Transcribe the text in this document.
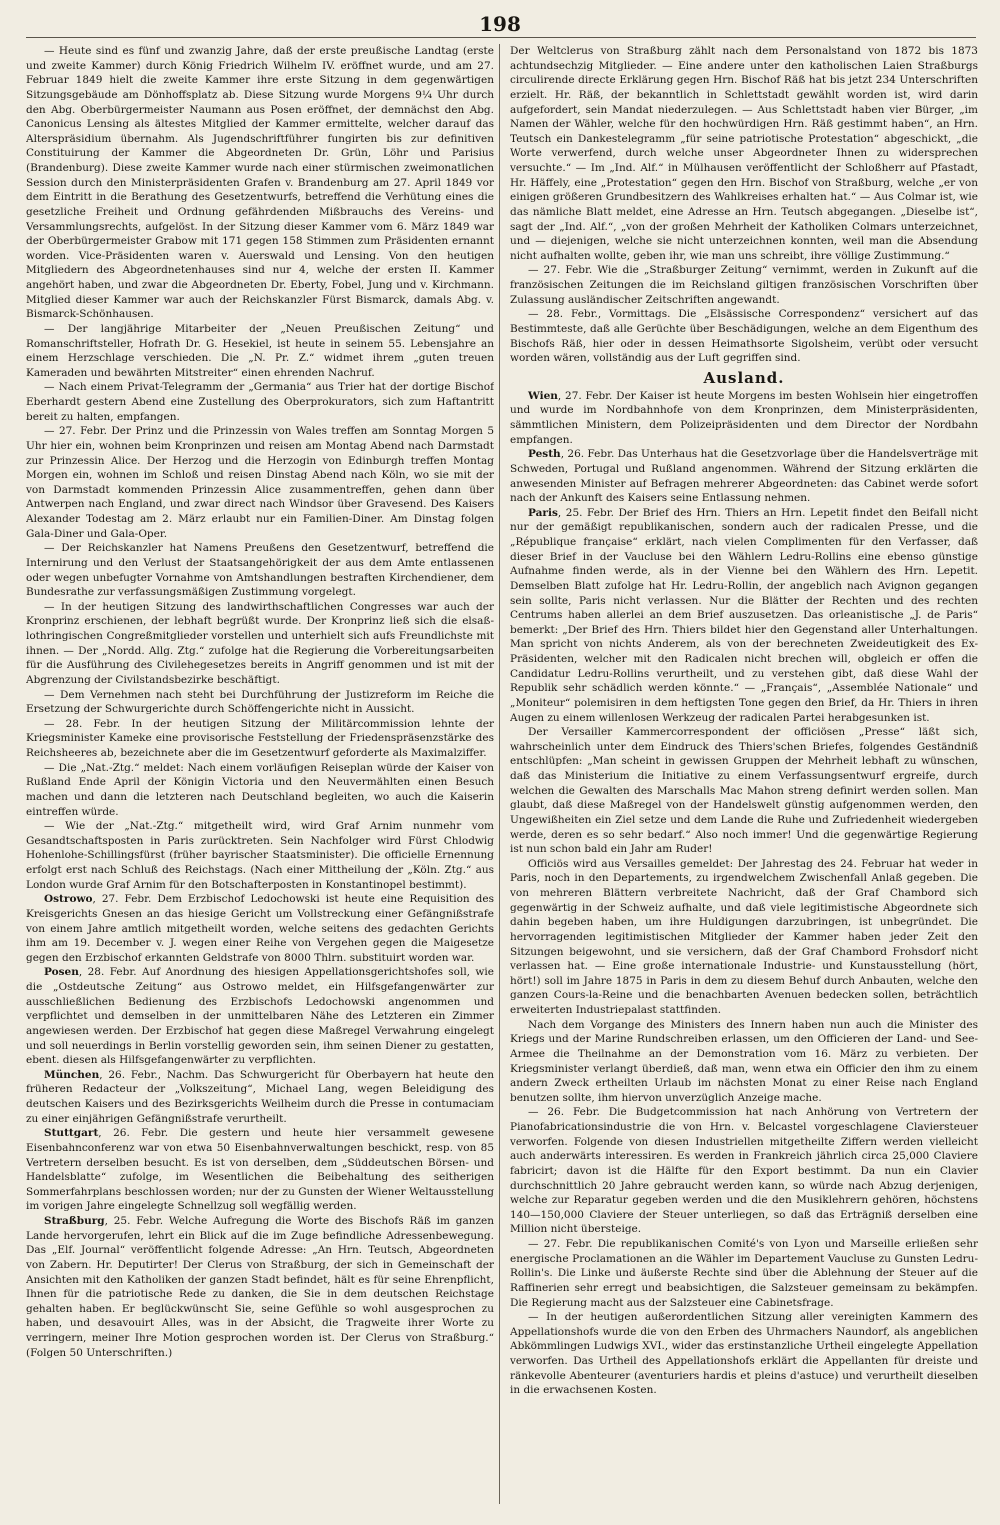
198

— Heute sind es fünf und zwanzig Jahre, daß der erste preußische Landtag (erste und zweite Kammer) durch König Friedrich Wilhelm IV. eröffnet wurde, und am 27. Februar 1849 hielt die zweite Kammer ihre erste Sitzung in dem gegenwärtigen Sitzungsgebäude am Dönhoffsplatz ab. Diese Sitzung wurde Morgens 9¼ Uhr durch den Abg. Oberbürgermeister Naumann aus Posen eröffnet, der demnächst den Abg. Canonicus Lensing als ältestes Mitglied der Kammer ermittelte, welcher darauf das Alterspräsidium übernahm. Als Jugendschriftführer fungirten bis zur definitiven Constituirung der Kammer die Abgeordneten Dr. Grün, Löhr und Parisius (Brandenburg). Diese zweite Kammer wurde nach einer stürmischen zweimonatlichen Session durch den Ministerpräsidenten Grafen v. Brandenburg am 27. April 1849 vor dem Eintritt in die Berathung des Gesetzentwurfs, betreffend die Verhütung eines die gesetzliche Freiheit und Ordnung gefährdenden Mißbrauchs des Vereins- und Versammlungsrechts, aufgelöst. In der Sitzung dieser Kammer vom 6. März 1849 war der Oberbürgermeister Grabow mit 171 gegen 158 Stimmen zum Präsidenten ernannt worden. Vice-Präsidenten waren v. Auerswald und Lensing. Von den heutigen Mitgliedern des Abgeordnetenhauses sind nur 4, welche der ersten II. Kammer angehört haben, und zwar die Abgeordneten Dr. Eberty, Fobel, Jung und v. Kirchmann. Mitglied dieser Kammer war auch der Reichskanzler Fürst Bismarck, damals Abg. v. Bismarck-Schönhausen.

— Der langjährige Mitarbeiter der „Neuen Preußischen Zeitung“ und Romanschriftsteller, Hofrath Dr. G. Hesekiel, ist heute in seinem 55. Lebensjahre an einem Herzschlage verschieden. Die „N. Pr. Z.“ widmet ihrem „guten treuen Kameraden und bewährten Mitstreiter“ einen ehrenden Nachruf.

— Nach einem Privat-Telegramm der „Germania“ aus Trier hat der dortige Bischof Eberhardt gestern Abend eine Zustellung des Oberprokurators, sich zum Haftantritt bereit zu halten, empfangen.

— 27. Febr. Der Prinz und die Prinzessin von Wales treffen am Sonntag Morgen 5 Uhr hier ein, wohnen beim Kronprinzen und reisen am Montag Abend nach Darmstadt zur Prinzessin Alice. Der Herzog und die Herzogin von Edinburgh treffen Montag Morgen ein, wohnen im Schloß und reisen Dinstag Abend nach Köln, wo sie mit der von Darmstadt kommenden Prinzessin Alice zusammentreffen, gehen dann über Antwerpen nach England, und zwar direct nach Windsor über Gravesend. Des Kaisers Alexander Todestag am 2. März erlaubt nur ein Familien-Diner. Am Dinstag folgen Gala-Diner und Gala-Oper.

— Der Reichskanzler hat Namens Preußens den Gesetzentwurf, betreffend die Internirung und den Verlust der Staatsangehörigkeit der aus dem Amte entlassenen oder wegen unbefugter Vornahme von Amtshandlungen bestraften Kirchendiener, dem Bundesrathe zur verfassungsmäßigen Zustimmung vorgelegt.

— In der heutigen Sitzung des landwirthschaftlichen Congresses war auch der Kronprinz erschienen, der lebhaft begrüßt wurde. Der Kronprinz ließ sich die elsaß-lothringischen Congreßmitglieder vorstellen und unterhielt sich aufs Freundlichste mit ihnen. — Der „Nordd. Allg. Ztg.“ zufolge hat die Regierung die Vorbereitungsarbeiten für die Ausführung des Civilehegesetzes bereits in Angriff genommen und ist mit der Abgrenzung der Civilstandsbezirke beschäftigt.

— Dem Vernehmen nach steht bei Durchführung der Justizreform im Reiche die Ersetzung der Schwurgerichte durch Schöffengerichte nicht in Aussicht.

— 28. Febr. In der heutigen Sitzung der Militärcommission lehnte der Kriegsminister Kameke eine provisorische Feststellung der Friedenspräsenzstärke des Reichsheeres ab, bezeichnete aber die im Gesetzentwurf geforderte als Maximalziffer.

— Die „Nat.-Ztg.“ meldet: Nach einem vorläufigen Reiseplan würde der Kaiser von Rußland Ende April der Königin Victoria und den Neuvermählten einen Besuch machen und dann die letzteren nach Deutschland begleiten, wo auch die Kaiserin eintreffen würde.

— Wie der „Nat.-Ztg.“ mitgetheilt wird, wird Graf Arnim nunmehr vom Gesandtschaftsposten in Paris zurücktreten. Sein Nachfolger wird Fürst Chlodwig Hohenlohe-Schillingsfürst (früher bayrischer Staatsminister). Die officielle Ernennung erfolgt erst nach Schluß des Reichstags. (Nach einer Mittheilung der „Köln. Ztg.“ aus London wurde Graf Arnim für den Botschafterposten in Konstantinopel bestimmt).

Ostrowo, 27. Febr. Dem Erzbischof Ledochowski ist heute eine Requisition des Kreisgerichts Gnesen an das hiesige Gericht um Vollstreckung einer Gefängnißstrafe von einem Jahre amtlich mitgetheilt worden, welche seitens des gedachten Gerichts ihm am 19. December v. J. wegen einer Reihe von Vergehen gegen die Maigesetze gegen den Erzbischof erkannten Geldstrafe von 8000 Thlrn. substituirt worden war.

Posen, 28. Febr. Auf Anordnung des hiesigen Appellationsgerichtshofes soll, wie die „Ostdeutsche Zeitung“ aus Ostrowo meldet, ein Hilfsgefangenwärter zur ausschließlichen Bedienung des Erzbischofs Ledochowski angenommen und verpflichtet und demselben in der unmittelbaren Nähe des Letzteren ein Zimmer angewiesen werden. Der Erzbischof hat gegen diese Maßregel Verwahrung eingelegt und soll neuerdings in Berlin vorstellig geworden sein, ihm seinen Diener zu gestatten, ebent. diesen als Hilfsgefangenwärter zu verpflichten.

München, 26. Febr., Nachm. Das Schwurgericht für Oberbayern hat heute den früheren Redacteur der „Volkszeitung“, Michael Lang, wegen Beleidigung des deutschen Kaisers und des Bezirksgerichts Weilheim durch die Presse in contumaciam zu einer einjährigen Gefängnißstrafe verurtheilt.

Stuttgart, 26. Febr. Die gestern und heute hier versammelt gewesene Eisenbahnconferenz war von etwa 50 Eisenbahnverwaltungen beschickt, resp. von 85 Vertretern derselben besucht. Es ist von derselben, dem „Süddeutschen Börsen- und Handelsblatte“ zufolge, im Wesentlichen die Beibehaltung des seitherigen Sommerfahrplans beschlossen worden; nur der zu Gunsten der Wiener Weltausstellung im vorigen Jahre eingelegte Schnellzug soll wegfällig werden.

Straßburg, 25. Febr. Welche Aufregung die Worte des Bischofs Räß im ganzen Lande hervorgerufen, lehrt ein Blick auf die im Zuge befindliche Adressenbewegung. Das „Elf. Journal“ veröffentlicht folgende Adresse: „An Hrn. Teutsch, Abgeordneten von Zabern. Hr. Deputirter! Der Clerus von Straßburg, der sich in Gemeinschaft der Ansichten mit den Katholiken der ganzen Stadt befindet, hält es für seine Ehrenpflicht, Ihnen für die patriotische Rede zu danken, die Sie in dem deutschen Reichstage gehalten haben. Er beglückwünscht Sie, seine Gefühle so wohl ausgesprochen zu haben, und desavouirt Alles, was in der Absicht, die Tragweite ihrer Worte zu verringern, meiner Ihre Motion gesprochen worden ist. Der Clerus von Straßburg.“ (Folgen 50 Unterschriften.)

Der Weltclerus von Straßburg zählt nach dem Personalstand von 1872 bis 1873 achtundsechzig Mitglieder. — Eine andere unter den katholischen Laien Straßburgs circulirende directe Erklärung gegen Hrn. Bischof Räß hat bis jetzt 234 Unterschriften erzielt. Hr. Räß, der bekanntlich in Schlettstadt gewählt worden ist, wird darin aufgefordert, sein Mandat niederzulegen. — Aus Schlettstadt haben vier Bürger, „im Namen der Wähler, welche für den hochwürdigen Hrn. Räß gestimmt haben“, an Hrn. Teutsch ein Dankestelegramm „für seine patriotische Protestation“ abgeschickt, „die Worte verwerfend, durch welche unser Abgeordneter Ihnen zu widersprechen versuchte.“ — Im „Ind. Alf.“ in Mülhausen veröffentlicht der Schloßherr auf Pfastadt, Hr. Häffely, eine „Protestation“ gegen den Hrn. Bischof von Straßburg, welche „er von einigen größeren Grundbesitzern des Wahlkreises erhalten hat.“ — Aus Colmar ist, wie das nämliche Blatt meldet, eine Adresse an Hrn. Teutsch abgegangen. „Dieselbe ist“, sagt der „Ind. Alf.“, „von der großen Mehrheit der Katholiken Colmars unterzeichnet, und — diejenigen, welche sie nicht unterzeichnen konnten, weil man die Absendung nicht aufhalten wollte, geben ihr, wie man uns schreibt, ihre völlige Zustimmung.“

— 27. Febr. Wie die „Straßburger Zeitung“ vernimmt, werden in Zukunft auf die französischen Zeitungen die im Reichsland giltigen französischen Vorschriften über Zulassung ausländischer Zeitschriften angewandt.

— 28. Febr., Vormittags. Die „Elsässische Correspondenz“ versichert auf das Bestimmteste, daß alle Gerüchte über Beschädigungen, welche an dem Eigenthum des Bischofs Räß, hier oder in dessen Heimathsorte Sigolsheim, verübt oder versucht worden wären, vollständig aus der Luft gegriffen sind.

Ausland.

Wien, 27. Febr. Der Kaiser ist heute Morgens im besten Wohlsein hier eingetroffen und wurde im Nordbahnhofe von dem Kronprinzen, dem Ministerpräsidenten, sämmtlichen Ministern, dem Polizeipräsidenten und dem Director der Nordbahn empfangen.

Pesth, 26. Febr. Das Unterhaus hat die Gesetzvorlage über die Handelsverträge mit Schweden, Portugal und Rußland angenommen. Während der Sitzung erklärten die anwesenden Minister auf Befragen mehrerer Abgeordneten: das Cabinet werde sofort nach der Ankunft des Kaisers seine Entlassung nehmen.

Paris, 25. Febr. Der Brief des Hrn. Thiers an Hrn. Lepetit findet den Beifall nicht nur der gemäßigt republikanischen, sondern auch der radicalen Presse, und die „République française“ erklärt, nach vielen Complimenten für den Verfasser, daß dieser Brief in der Vaucluse bei den Wählern Ledru-Rollins eine ebenso günstige Aufnahme finden werde, als in der Vienne bei den Wählern des Hrn. Lepetit. Demselben Blatt zufolge hat Hr. Ledru-Rollin, der angeblich nach Avignon gegangen sein sollte, Paris nicht verlassen. Nur die Blätter der Rechten und des rechten Centrums haben allerlei an dem Brief auszusetzen. Das orleanistische „J. de Paris“ bemerkt: „Der Brief des Hrn. Thiers bildet hier den Gegenstand aller Unterhaltungen. Man spricht von nichts Anderem, als von der berechneten Zweideutigkeit des Ex-Präsidenten, welcher mit den Radicalen nicht brechen will, obgleich er offen die Candidatur Ledru-Rollins verurtheilt, und zu verstehen gibt, daß diese Wahl der Republik sehr schädlich werden könnte.“ — „Français“, „Assemblée Nationale“ und „Moniteur“ polemisiren in dem heftigsten Tone gegen den Brief, da Hr. Thiers in ihren Augen zu einem willenlosen Werkzeug der radicalen Partei herabgesunken ist.

Der Versailler Kammercorrespondent der officiösen „Presse“ läßt sich, wahrscheinlich unter dem Eindruck des Thiers'schen Briefes, folgendes Geständniß entschlüpfen: „Man scheint in gewissen Gruppen der Mehrheit lebhaft zu wünschen, daß das Ministerium die Initiative zu einem Verfassungsentwurf ergreife, durch welchen die Gewalten des Marschalls Mac Mahon streng definirt werden sollen. Man glaubt, daß diese Maßregel von der Handelswelt günstig aufgenommen werden, den Ungewißheiten ein Ziel setze und dem Lande die Ruhe und Zufriedenheit wiedergeben werde, deren es so sehr bedarf.“ Also noch immer! Und die gegenwärtige Regierung ist nun schon bald ein Jahr am Ruder!

Officiös wird aus Versailles gemeldet: Der Jahrestag des 24. Februar hat weder in Paris, noch in den Departements, zu irgendwelchem Zwischenfall Anlaß gegeben. Die von mehreren Blättern verbreitete Nachricht, daß der Graf Chambord sich gegenwärtig in der Schweiz aufhalte, und daß viele legitimistische Abgeordnete sich dahin begeben haben, um ihre Huldigungen darzubringen, ist unbegründet. Die hervorragenden legitimistischen Mitglieder der Kammer haben jeder Zeit den Sitzungen beigewohnt, und sie versichern, daß der Graf Chambord Frohsdorf nicht verlassen hat. — Eine große internationale Industrie- und Kunstausstellung (hört, hört!) soll im Jahre 1875 in Paris in dem zu diesem Behuf durch Anbauten, welche den ganzen Cours-la-Reine und die benachbarten Avenuen bedecken sollen, beträchtlich erweiterten Industriepalast stattfinden.

Nach dem Vorgange des Ministers des Innern haben nun auch die Minister des Kriegs und der Marine Rundschreiben erlassen, um den Officieren der Land- und See-Armee die Theilnahme an der Demonstration vom 16. März zu verbieten. Der Kriegsminister verlangt überdieß, daß man, wenn etwa ein Officier den ihm zu einem andern Zweck ertheilten Urlaub im nächsten Monat zu einer Reise nach England benutzen sollte, ihm hiervon unverzüglich Anzeige mache.

— 26. Febr. Die Budgetcommission hat nach Anhörung von Vertretern der Pianofabricationsindustrie die von Hrn. v. Belcastel vorgeschlagene Claviersteuer verworfen. Folgende von diesen Industriellen mitgetheilte Ziffern werden vielleicht auch anderwärts interessiren. Es werden in Frankreich jährlich circa 25,000 Claviere fabricirt; davon ist die Hälfte für den Export bestimmt. Da nun ein Clavier durchschnittlich 20 Jahre gebraucht werden kann, so würde nach Abzug derjenigen, welche zur Reparatur gegeben werden und die den Musiklehrern gehören, höchstens 140—150,000 Claviere der Steuer unterliegen, so daß das Erträgniß derselben eine Million nicht übersteige.

— 27. Febr. Die republikanischen Comité's von Lyon und Marseille erließen sehr energische Proclamationen an die Wähler im Departement Vaucluse zu Gunsten Ledru-Rollin's. Die Linke und äußerste Rechte sind über die Ablehnung der Steuer auf die Raffinerien sehr erregt und beabsichtigen, die Salzsteuer gemeinsam zu bekämpfen. Die Regierung macht aus der Salzsteuer eine Cabinetsfrage.

— In der heutigen außerordentlichen Sitzung aller vereinigten Kammern des Appellationshofs wurde die von den Erben des Uhrmachers Naundorf, als angeblichen Abkömmlingen Ludwigs XVI., wider das erstinstanzliche Urtheil eingelegte Appellation verworfen. Das Urtheil des Appellationshofs erklärt die Appellanten für dreiste und ränkevolle Abenteurer (aventuriers hardis et pleins d'astuce) und verurtheilt dieselben in die erwachsenen Kosten.
